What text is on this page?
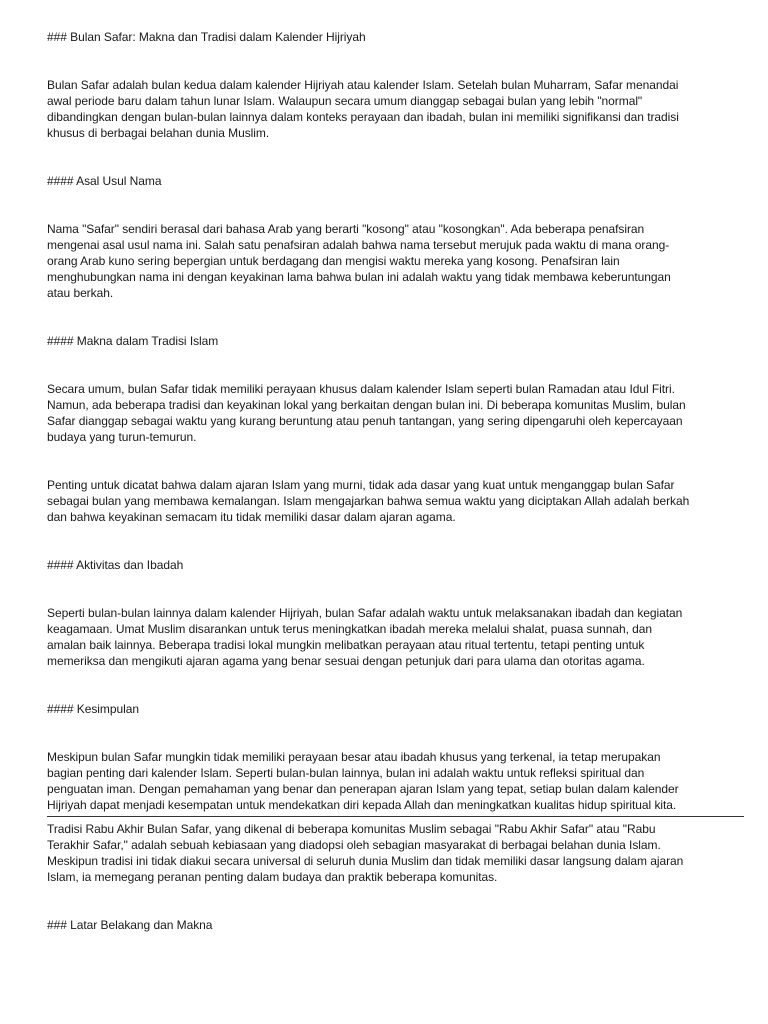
### Bulan Safar: Makna dan Tradisi dalam Kalender Hijriyah
Bulan Safar adalah bulan kedua dalam kalender Hijriyah atau kalender Islam. Setelah bulan Muharram, Safar menandai
awal periode baru dalam tahun lunar Islam. Walaupun secara umum dianggap sebagai bulan yang lebih "normal"
dibandingkan dengan bulan-bulan lainnya dalam konteks perayaan dan ibadah, bulan ini memiliki signifikansi dan tradisi
khusus di berbagai belahan dunia Muslim.
#### Asal Usul Nama
Nama "Safar" sendiri berasal dari bahasa Arab yang berarti "kosong" atau "kosongkan". Ada beberapa penafsiran
mengenai asal usul nama ini. Salah satu penafsiran adalah bahwa nama tersebut merujuk pada waktu di mana orang-
orang Arab kuno sering bepergian untuk berdagang dan mengisi waktu mereka yang kosong. Penafsiran lain
menghubungkan nama ini dengan keyakinan lama bahwa bulan ini adalah waktu yang tidak membawa keberuntungan
atau berkah.
#### Makna dalam Tradisi Islam
Secara umum, bulan Safar tidak memiliki perayaan khusus dalam kalender Islam seperti bulan Ramadan atau Idul Fitri.
Namun, ada beberapa tradisi dan keyakinan lokal yang berkaitan dengan bulan ini. Di beberapa komunitas Muslim, bulan
Safar dianggap sebagai waktu yang kurang beruntung atau penuh tantangan, yang sering dipengaruhi oleh kepercayaan
budaya yang turun-temurun.
Penting untuk dicatat bahwa dalam ajaran Islam yang murni, tidak ada dasar yang kuat untuk menganggap bulan Safar
sebagai bulan yang membawa kemalangan. Islam mengajarkan bahwa semua waktu yang diciptakan Allah adalah berkah
dan bahwa keyakinan semacam itu tidak memiliki dasar dalam ajaran agama.
#### Aktivitas dan Ibadah
Seperti bulan-bulan lainnya dalam kalender Hijriyah, bulan Safar adalah waktu untuk melaksanakan ibadah dan kegiatan
keagamaan. Umat Muslim disarankan untuk terus meningkatkan ibadah mereka melalui shalat, puasa sunnah, dan
amalan baik lainnya. Beberapa tradisi lokal mungkin melibatkan perayaan atau ritual tertentu, tetapi penting untuk
memeriksa dan mengikuti ajaran agama yang benar sesuai dengan petunjuk dari para ulama dan otoritas agama.
#### Kesimpulan
Meskipun bulan Safar mungkin tidak memiliki perayaan besar atau ibadah khusus yang terkenal, ia tetap merupakan
bagian penting dari kalender Islam. Seperti bulan-bulan lainnya, bulan ini adalah waktu untuk refleksi spiritual dan
penguatan iman. Dengan pemahaman yang benar dan penerapan ajaran Islam yang tepat, setiap bulan dalam kalender
Hijriyah dapat menjadi kesempatan untuk mendekatkan diri kepada Allah dan meningkatkan kualitas hidup spiritual kita.
Tradisi Rabu Akhir Bulan Safar, yang dikenal di beberapa komunitas Muslim sebagai "Rabu Akhir Safar" atau "Rabu
Terakhir Safar," adalah sebuah kebiasaan yang diadopsi oleh sebagian masyarakat di berbagai belahan dunia Islam.
Meskipun tradisi ini tidak diakui secara universal di seluruh dunia Muslim dan tidak memiliki dasar langsung dalam ajaran
Islam, ia memegang peranan penting dalam budaya dan praktik beberapa komunitas.
### Latar Belakang dan Makna
